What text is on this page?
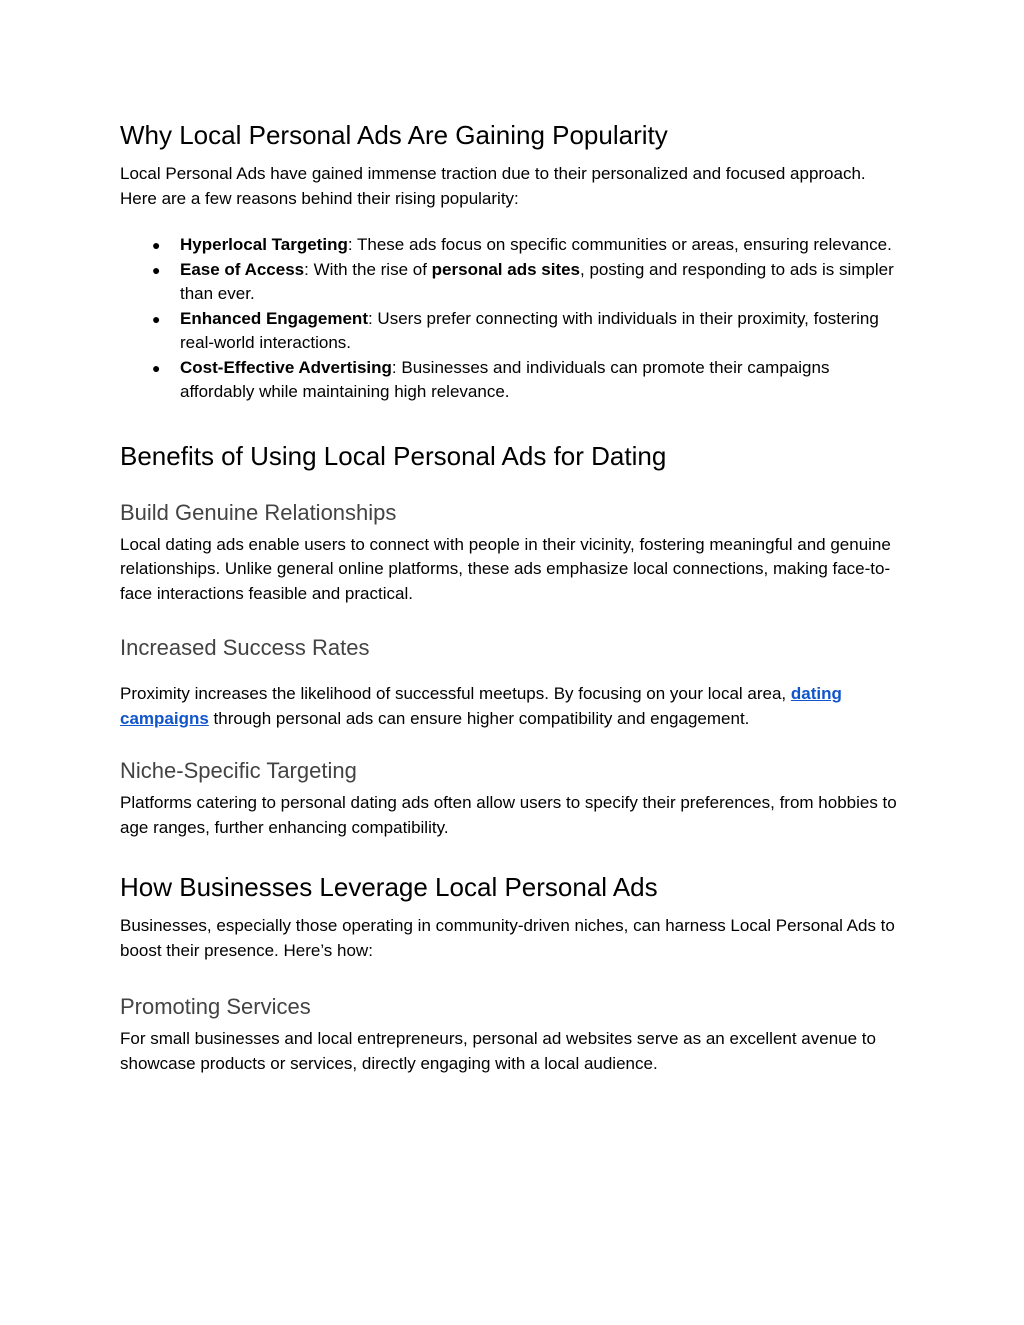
Why Local Personal Ads Are Gaining Popularity

Local Personal Ads have gained immense traction due to their personalized and focused approach. Here are a few reasons behind their rising popularity:

● Hyperlocal Targeting: These ads focus on specific communities or areas, ensuring relevance.
● Ease of Access: With the rise of personal ads sites, posting and responding to ads is simpler than ever.
● Enhanced Engagement: Users prefer connecting with individuals in their proximity, fostering real-world interactions.
● Cost-Effective Advertising: Businesses and individuals can promote their campaigns affordably while maintaining high relevance.
Benefits of Using Local Personal Ads for Dating
Build Genuine Relationships

Local dating ads enable users to connect with people in their vicinity, fostering meaningful and genuine relationships. Unlike general online platforms, these ads emphasize local connections, making face-to-face interactions feasible and practical.

Increased Success Rates

Proximity increases the likelihood of successful meetups. By focusing on your local area, dating campaigns through personal ads can ensure higher compatibility and engagement.

Niche-Specific Targeting

Platforms catering to personal dating ads often allow users to specify their preferences, from hobbies to age ranges, further enhancing compatibility.

How Businesses Leverage Local Personal Ads

Businesses, especially those operating in community-driven niches, can harness Local Personal Ads to boost their presence. Here’s how:

Promoting Services

For small businesses and local entrepreneurs, personal ad websites serve as an excellent avenue to showcase products or services, directly engaging with a local audience.
